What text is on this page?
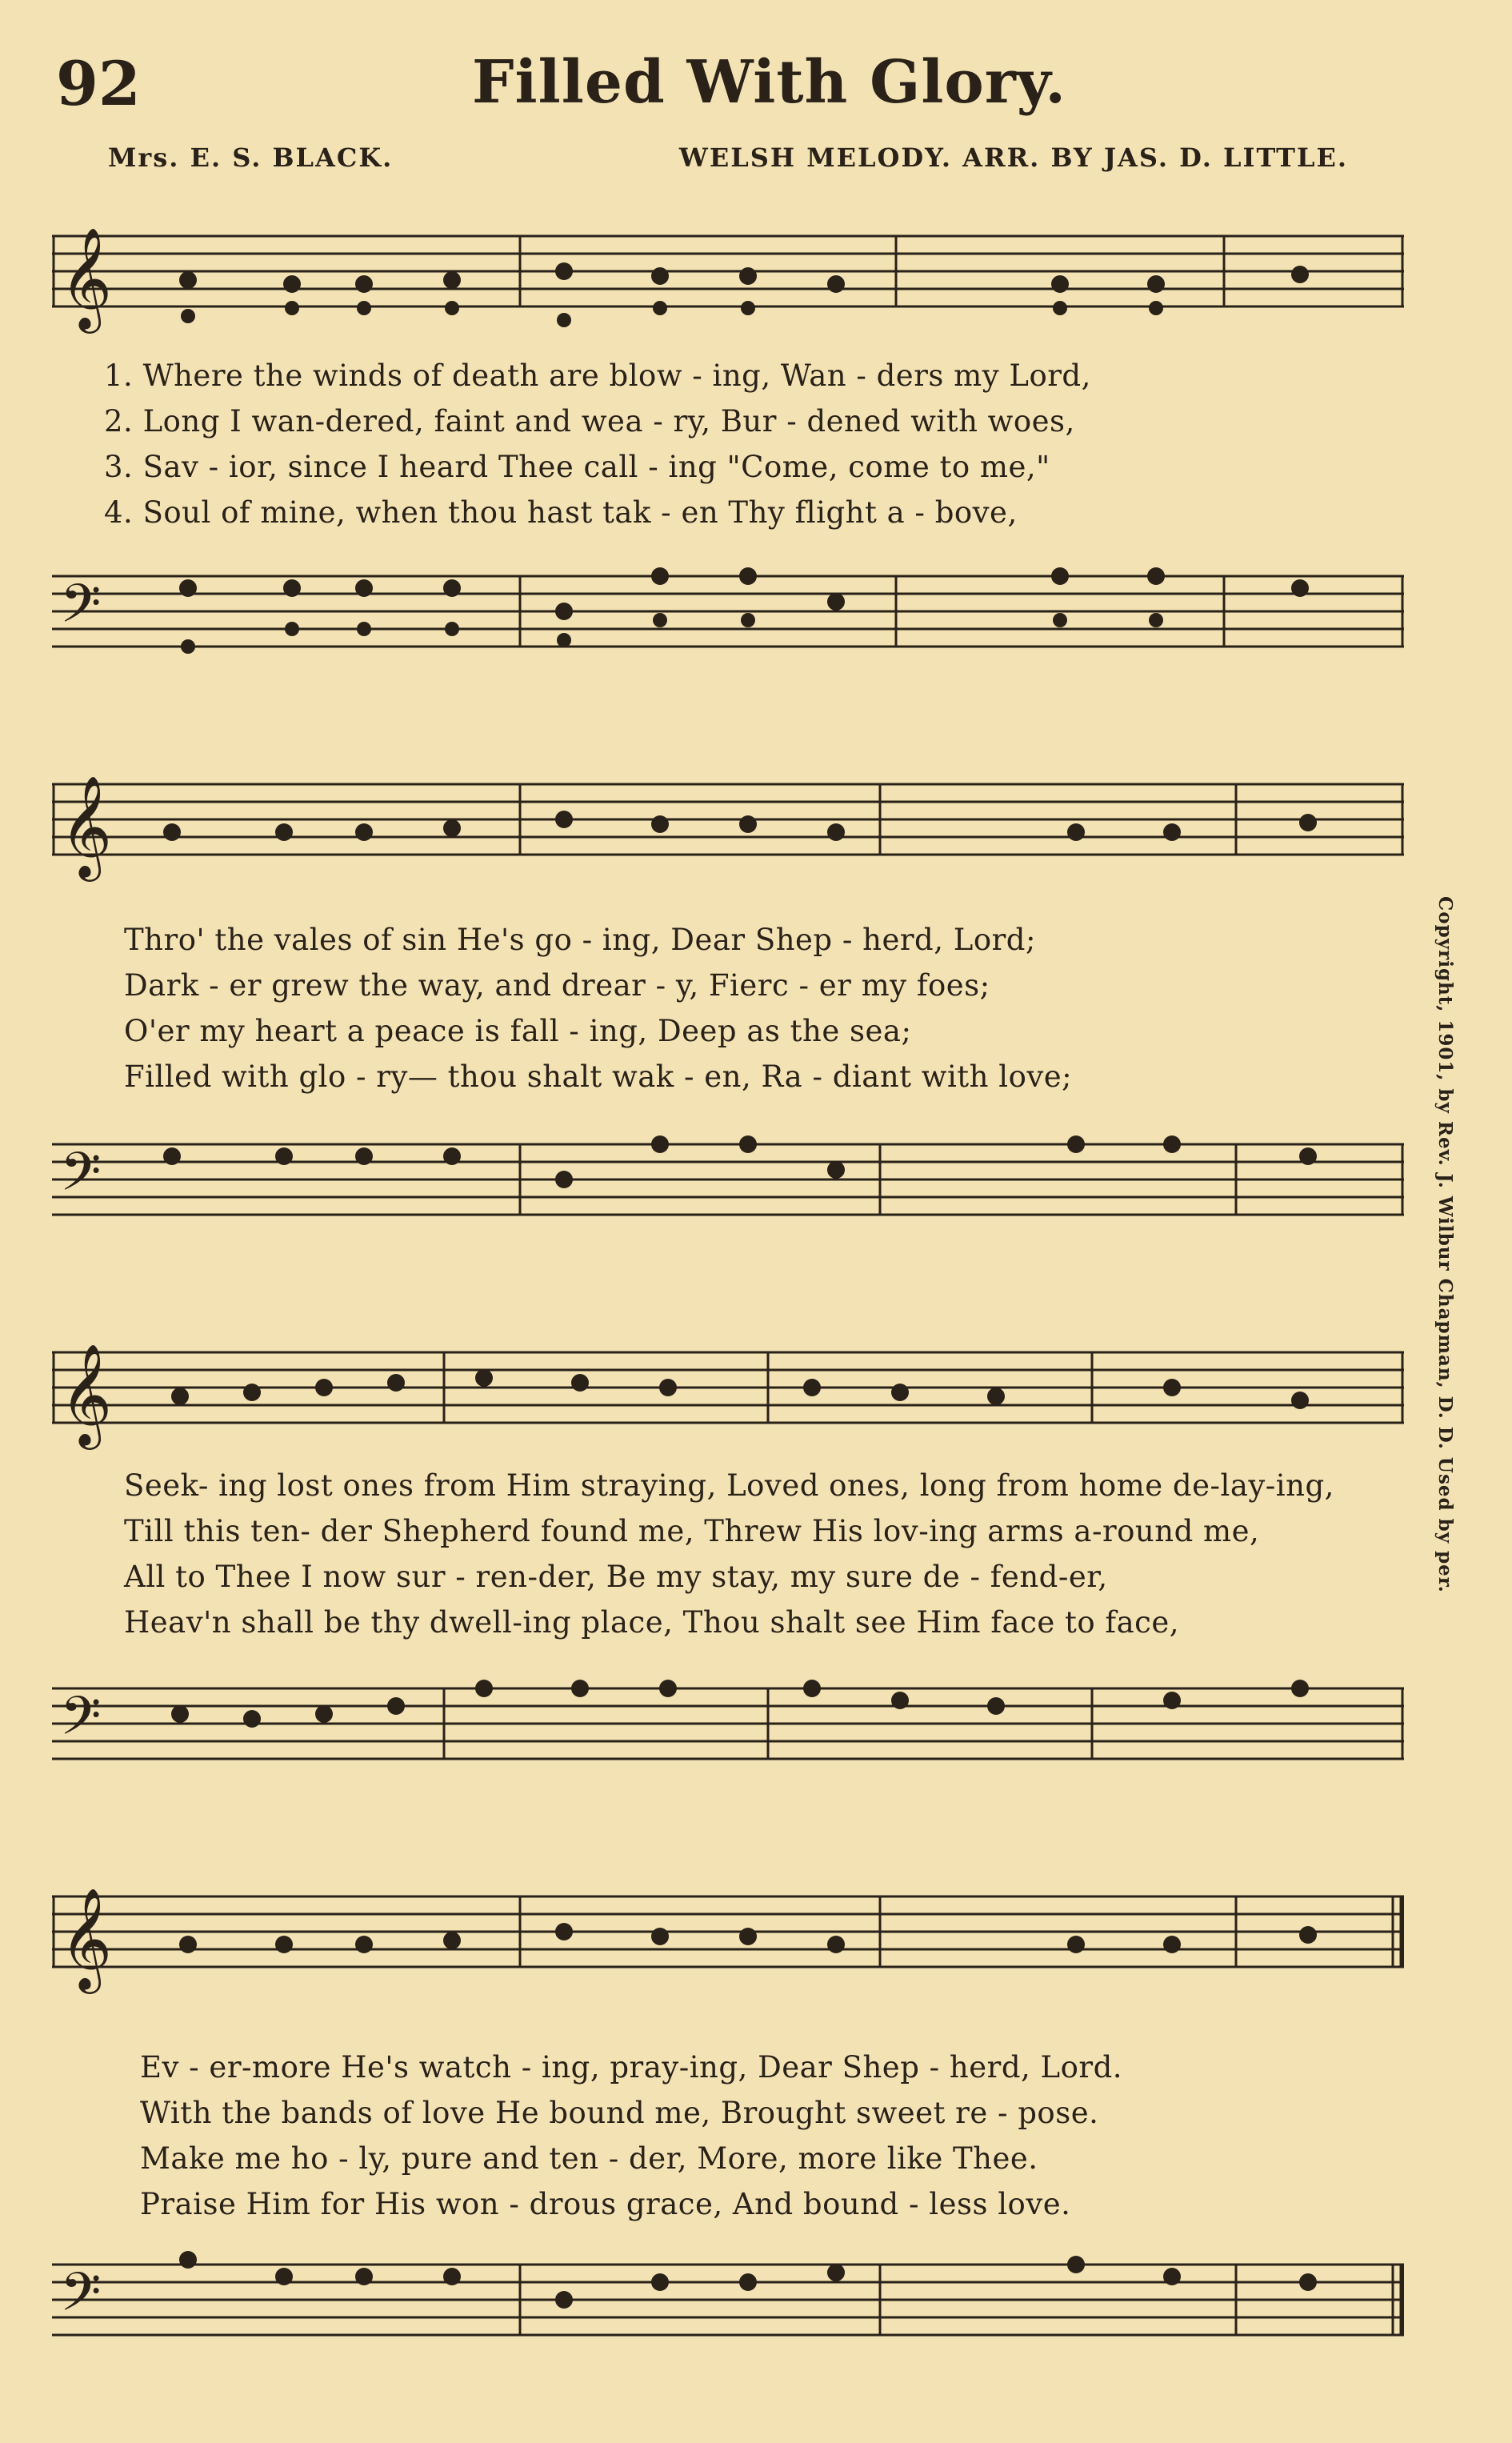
92	Filled With Glory.
Mrs. E. S. BLACK.	WELSH MELODY. ARR. BY JAS. D. LITTLE.
Copyright, 1901, by Rev. J. Wilbur Chapman, D. D. Used by per.
𝄞
1. Where the winds of death are blow - ing, Wan - ders my Lord,
2. Long I wan-dered, faint and wea - ry, Bur - dened with woes,
3. Sav - ior, since I heard Thee call - ing "Come, come to me,"
4. Soul of mine, when thou hast tak - en Thy flight a - bove,
𝄢
𝄞
Thro' the vales of sin He's go - ing, Dear Shep - herd, Lord;
Dark - er grew the way, and drear - y, Fierc - er my foes;
O'er my heart a peace is fall - ing, Deep as the sea;
Filled with glo - ry— thou shalt wak - en, Ra - diant with love;
𝄢
𝄞
Seek- ing lost ones from Him straying, Loved ones, long from home de-lay-ing,
Till this ten- der Shepherd found me, Threw His lov-ing arms a-round me,
All to Thee I now sur - ren-der, Be my stay, my sure de - fend-er,
Heav'n shall be thy dwell-ing place, Thou shalt see Him face to face,
𝄢
𝄞
Ev - er-more He's watch - ing, pray-ing, Dear Shep - herd, Lord.
With the bands of love He bound me, Brought sweet re - pose.
Make me ho - ly, pure and ten - der, More, more like Thee.
Praise Him for His won - drous grace, And bound - less love.
𝄢
